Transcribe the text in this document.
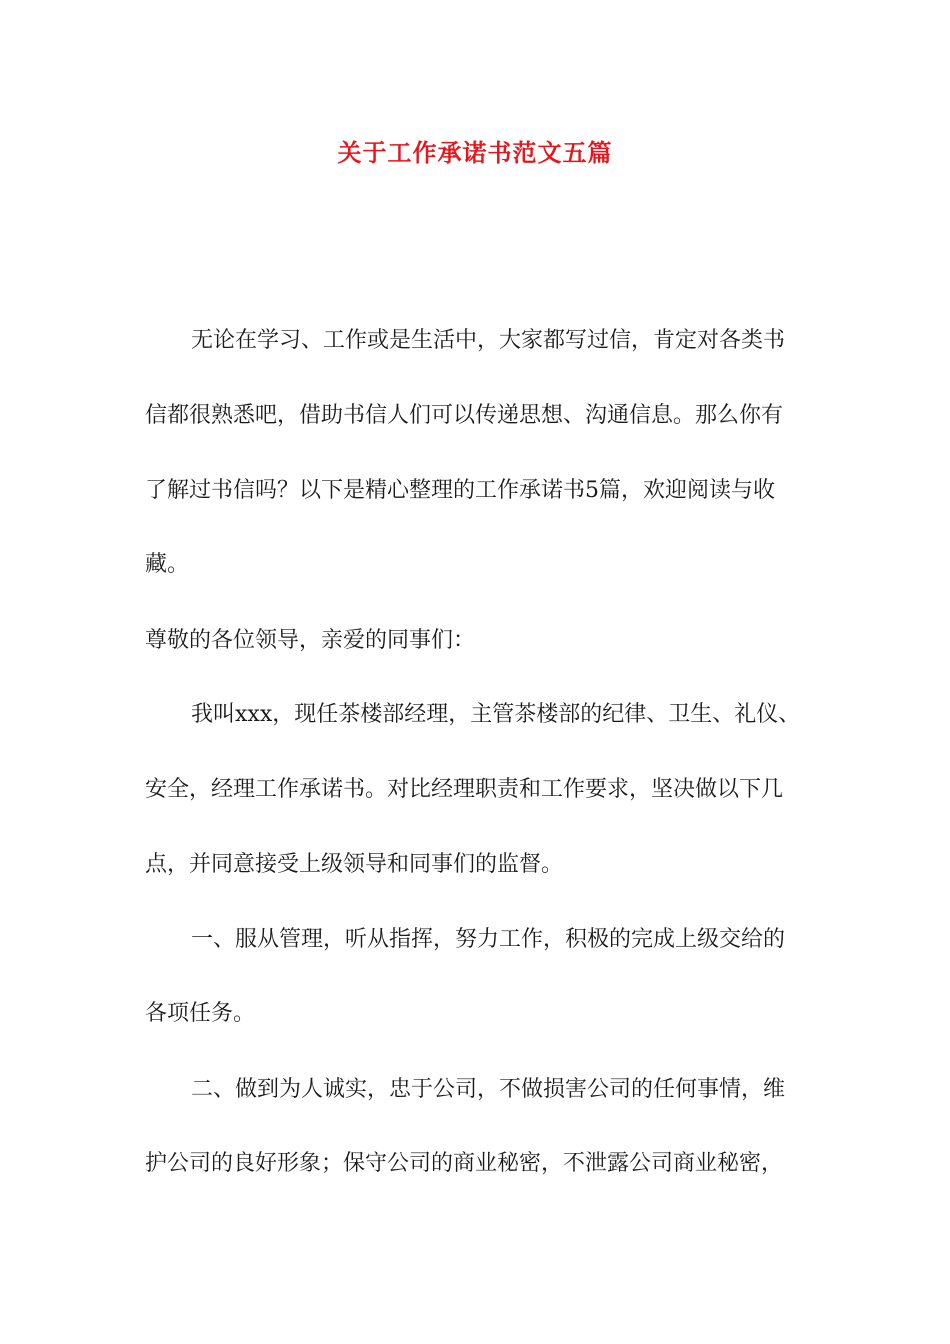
关于工作承诺书范文五篇
无论在学习、工作或是生活中，大家都写过信，肯定对各类书
信都很熟悉吧，借助书信人们可以传递思想、沟通信息。那么你有
了解过书信吗？以下是精心整理的工作承诺书5篇，欢迎阅读与收
藏。
尊敬的各位领导，亲爱的同事们：
我叫xxx，现任茶楼部经理，主管茶楼部的纪律、卫生、礼仪、
安全，经理工作承诺书。对比经理职责和工作要求，坚决做以下几
点，并同意接受上级领导和同事们的监督。
一、服从管理，听从指挥，努力工作，积极的完成上级交给的
各项任务。
二、做到为人诚实，忠于公司，不做损害公司的任何事情，维
护公司的良好形象；保守公司的商业秘密，不泄露公司商业秘密，
